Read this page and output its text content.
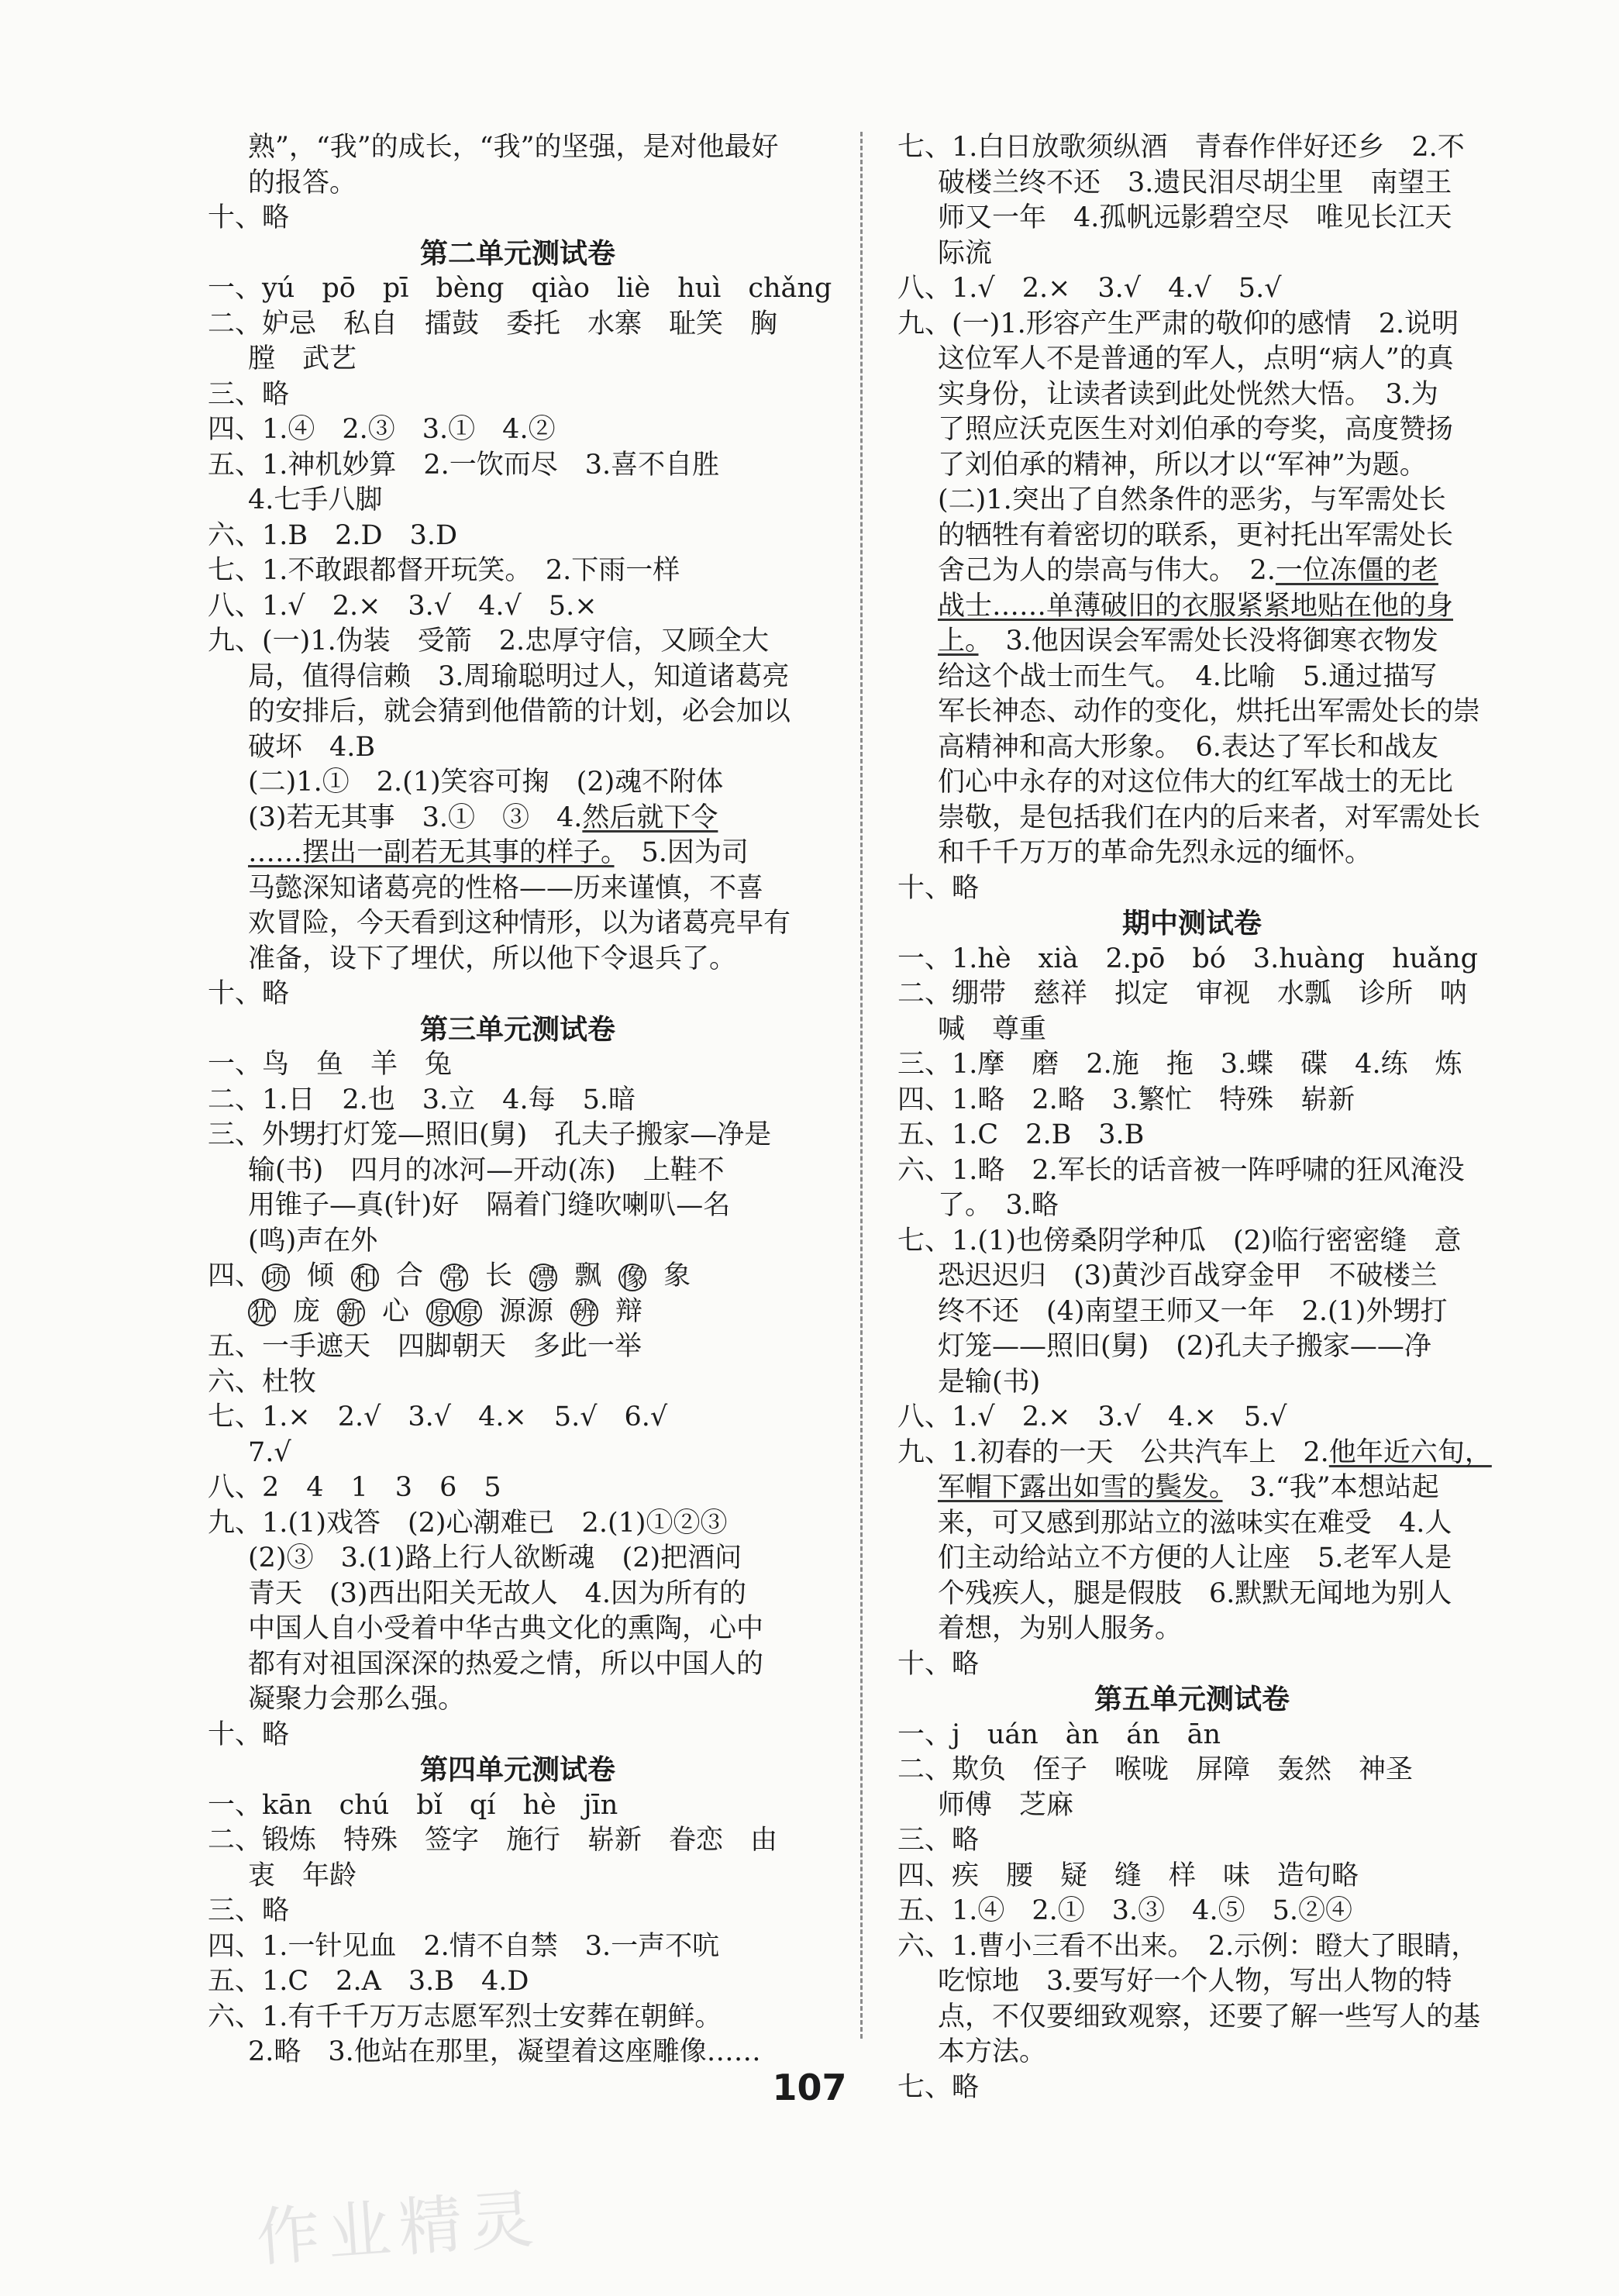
熟”，“我”的成长，“我”的坚强，是对他最好
的报答。
十、略
第二单元测试卷
一、yú　pō　pī　bèng　qiào　liè　huì　chǎng
二、妒忌　私自　擂鼓　委托　水寨　耻笑　胸
膛　武艺
三、略
四、1.④　2.③　3.①　4.②
五、1.神机妙算　2.一饮而尽　3.喜不自胜
4.七手八脚
六、1.B　2.D　3.D
七、1.不敢跟都督开玩笑。　2.下雨一样
八、1.√　2.×　3.√　4.√　5.×
九、(一)1.伪装　受箭　2.忠厚守信，又顾全大
局，值得信赖　3.周瑜聪明过人，知道诸葛亮
的安排后，就会猜到他借箭的计划，必会加以
破坏　4.B
(二)1.①　2.(1)笑容可掬　(2)魂不附体
(3)若无其事　3.①　③　4.然后就下令
……摆出一副若无其事的样子。　5.因为司
马懿深知诸葛亮的性格——历来谨慎，不喜
欢冒险，今天看到这种情形，以为诸葛亮早有
准备，设下了埋伏，所以他下令退兵了。
十、略
第三单元测试卷
一、鸟　鱼　羊　兔
二、1.日　2.也　3.立　4.每　5.暗
三、外甥打灯笼—照旧(舅)　孔夫子搬家—净是
输(书)　四月的冰河—开动(冻)　上鞋不
用锥子—真(针)好　隔着门缝吹喇叭—名
(鸣)声在外
四、顷 倾 和 合 常 长 漂 飘 像 象
犹 庞 新 心 原 原 源源 辨 辩
五、一手遮天　四脚朝天　多此一举
六、杜牧
七、1.×　2.√　3.√　4.×　5.√　6.√
7.√
八、2　4　1　3　6　5
九、1.(1)戏答　(2)心潮难已　2.(1)①②③
(2)③　3.(1)路上行人欲断魂　(2)把酒问
青天　(3)西出阳关无故人　4.因为所有的
中国人自小受着中华古典文化的熏陶，心中
都有对祖国深深的热爱之情，所以中国人的
凝聚力会那么强。
十、略
第四单元测试卷
一、kān　chú　bǐ　qí　hè　jīn
二、锻炼　特殊　签字　施行　崭新　眷恋　由
衷　年龄
三、略
四、1.一针见血　2.情不自禁　3.一声不吭
五、1.C　2.A　3.B　4.D
六、1.有千千万万志愿军烈士安葬在朝鲜。
2.略　3.他站在那里，凝望着这座雕像……
七、1.白日放歌须纵酒　青春作伴好还乡　2.不
破楼兰终不还　3.遗民泪尽胡尘里　南望王
师又一年　4.孤帆远影碧空尽　唯见长江天
际流
八、1.√　2.×　3.√　4.√　5.√
九、(一)1.形容产生严肃的敬仰的感情　2.说明
这位军人不是普通的军人，点明“病人”的真
实身份，让读者读到此处恍然大悟。　3.为
了照应沃克医生对刘伯承的夸奖，高度赞扬
了刘伯承的精神，所以才以“军神”为题。
(二)1.突出了自然条件的恶劣，与军需处长
的牺牲有着密切的联系，更衬托出军需处长
舍己为人的崇高与伟大。　2.一位冻僵的老
战士……单薄破旧的衣服紧紧地贴在他的身
上。　3.他因误会军需处长没将御寒衣物发
给这个战士而生气。　4.比喻　5.通过描写
军长神态、动作的变化，烘托出军需处长的崇
高精神和高大形象。　6.表达了军长和战友
们心中永存的对这位伟大的红军战士的无比
崇敬，是包括我们在内的后来者，对军需处长
和千千万万的革命先烈永远的缅怀。
十、略
期中测试卷
一、1.hè　xià　2.pō　bó　3.huàng　huǎng
二、绷带　慈祥　拟定　审视　水瓢　诊所　呐
喊　尊重
三、1.摩　磨　2.施　拖　3.蝶　碟　4.练　炼
四、1.略　2.略　3.繁忙　特殊　崭新
五、1.C　2.B　3.B
六、1.略　2.军长的话音被一阵呼啸的狂风淹没
了。　3.略
七、1.(1)也傍桑阴学种瓜　(2)临行密密缝　意
恐迟迟归　(3)黄沙百战穿金甲　不破楼兰
终不还　(4)南望王师又一年　2.(1)外甥打
灯笼——照旧(舅)　(2)孔夫子搬家——净
是输(书)
八、1.√　2.×　3.√　4.×　5.√
九、1.初春的一天　公共汽车上　2.他年近六旬，
军帽下露出如雪的鬓发。　3.“我”本想站起
来，可又感到那站立的滋味实在难受　4.人
们主动给站立不方便的人让座　5.老军人是
个残疾人，腿是假肢　6.默默无闻地为别人
着想，为别人服务。
十、略
第五单元测试卷
一、j　uán　àn　án　ān
二、欺负　侄子　喉咙　屏障　轰然　神圣
师傅　芝麻
三、略
四、疾　腰　疑　缝　样　味　造句略
五、1.④　2.①　3.③　4.⑤　5.②④
六、1.曹小三看不出来。　2.示例：瞪大了眼睛，
吃惊地　3.要写好一个人物，写出人物的特
点，不仅要细致观察，还要了解一些写人的基
本方法。
七、略
107
作业精灵
